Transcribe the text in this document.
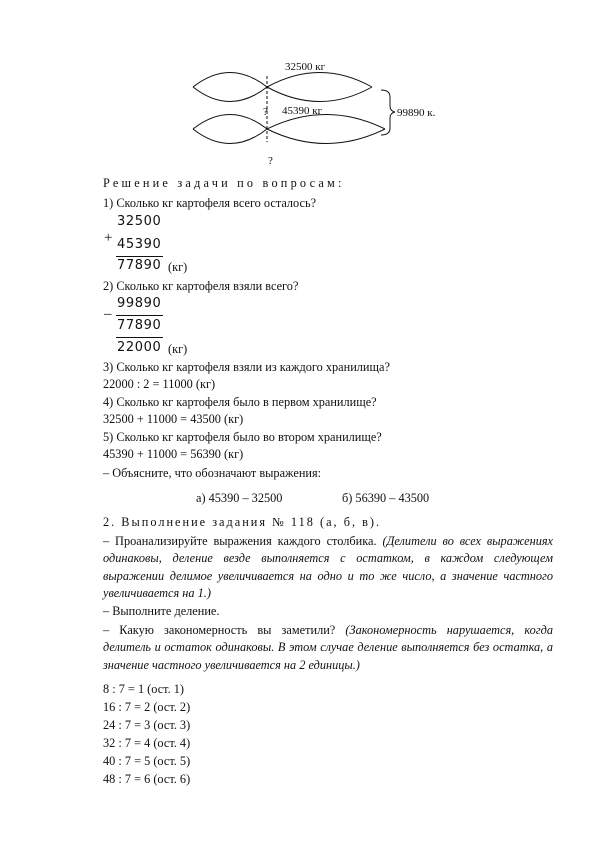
32500 кг
45390 кг	99890 к.
?
?
Решение задачи по вопросам:
1) Сколько кг картофеля всего осталось?
+
32500
45390
77890 (кг)
2) Сколько кг картофеля взяли всего?
99890
–
77890
22000 (кг)
3) Сколько кг картофеля взяли из каждого хранилища?
22000 : 2 = 11000 (кг)
4) Сколько кг картофеля было в первом хранилище?
32500 + 11000 = 43500 (кг)
5) Сколько кг картофеля было во втором хранилище?
45390 + 11000 = 56390 (кг)
– Объясните, что обозначают выражения:
а) 45390 – 32500	б) 56390 – 43500
2. Выполнение задания № 118 (а, б, в).
– Проанализируйте выражения каждого столбика. (Делители во всех выражениях одинаковы, деление везде выполняется с остатком, в каждом следующем выражении делимое увеличивается на одно и то же число, а значение частного увеличивается на 1.)
– Выполните деление.
– Какую закономерность вы заметили? (Закономерность нарушается, когда делитель и остаток одинаковы. В этом случае деление выполняется без остатка, а значение частного увеличивается на 2 единицы.)
8 : 7 = 1 (ост. 1)
16 : 7 = 2 (ост. 2)
24 : 7 = 3 (ост. 3)
32 : 7 = 4 (ост. 4)
40 : 7 = 5 (ост. 5)
48 : 7 = 6 (ост. 6)
